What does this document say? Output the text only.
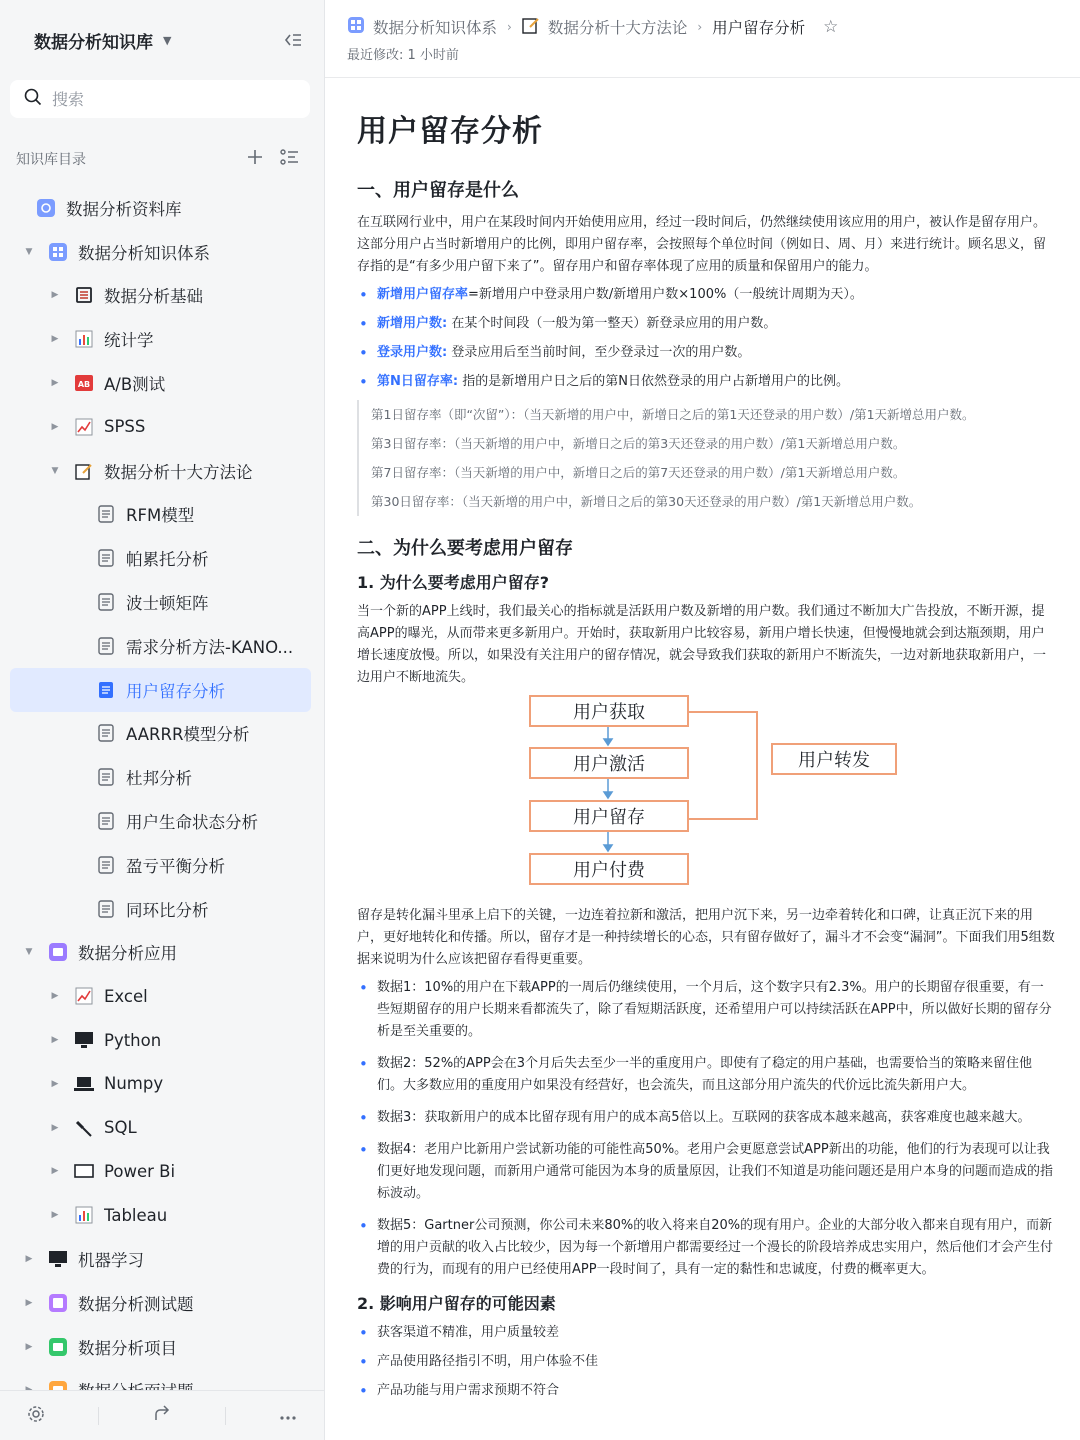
数据分析知识库 ▼
搜索
知识库目录
数据分析资料库
▼	数据分析知识体系
▶	数据分析基础
▶	统计学
▶	AB A/B测试
▶	SPSS
▼	数据分析十大方法论
RFM模型
帕累托分析
波士顿矩阵
需求分析方法-KANO...
用户留存分析
AARRR模型分析
杜邦分析
用户生命状态分析
盈亏平衡分析
同环比分析
▼	数据分析应用
▶	Excel
▶	Python
▶	Numpy
▶	SQL
▶	Power Bi
▶	Tableau
▶	机器学习
▶	数据分析测试题
▶	数据分析项目
数据分析知识体系 › 数据分析十大方法论 › 用户留存分析 ☆
最近修改: 1 小时前
用户留存分析
一、用户留存是什么

在互联网行业中，用户在某段时间内开始使用应用，经过一段时间后，仍然继续使用该应用的用户，被认作是留存用户。这部分用户占当时新增用户的比例，即用户留存率，会按照每个单位时间（例如日、周、月）来进行统计。顾名思义，留存指的是“有多少用户留下来了”。留存用户和留存率体现了应用的质量和保留用户的能力。

• 新增用户留存率=新增用户中登录用户数/新增用户数×100%（一般统计周期为天）。
• 新增用户数: 在某个时间段（一般为第一整天）新登录应用的用户数。
• 登录用户数: 登录应用后至当前时间，至少登录过一次的用户数。
• 第N日留存率: 指的是新增用户日之后的第N日依然登录的用户占新增用户的比例。

第1日留存率（即“次留”）：（当天新增的用户中，新增日之后的第1天还登录的用户数）/第1天新增总用户数。

第3日留存率：（当天新增的用户中，新增日之后的第3天还登录的用户数）/第1天新增总用户数。

第7日留存率：（当天新增的用户中，新增日之后的第7天还登录的用户数）/第1天新增总用户数。

第30日留存率：（当天新增的用户中，新增日之后的第30天还登录的用户数）/第1天新增总用户数。

二、为什么要考虑用户留存
1. 为什么要考虑用户留存?

当一个新的APP上线时，我们最关心的指标就是活跃用户数及新增的用户数。我们通过不断加大广告投放，不断开源，提高APP的曝光，从而带来更多新用户。开始时，获取新用户比较容易，新用户增长快速，但慢慢地就会到达瓶颈期，用户增长速度放慢。所以，如果没有关注用户的留存情况，就会导致我们获取的新用户不断流失，一边对新地获取新用户，一边用户不断地流失。

用户获取
用户激活
用户留存
用户付费
用户转发

留存是转化漏斗里承上启下的关键，一边连着拉新和激活，把用户沉下来，另一边牵着转化和口碑，让真正沉下来的用户，更好地转化和传播。所以，留存才是一种持续增长的心态，只有留存做好了，漏斗才不会变“漏洞”。下面我们用5组数据来说明为什么应该把留存看得更重要。

• 数据1：10%的用户在下载APP的一周后仍继续使用，一个月后，这个数字只有2.3%。用户的长期留存很重要，有一些短期留存的用户长期来看都流失了，除了看短期活跃度，还希望用户可以持续活跃在APP中，所以做好长期的留存分析是至关重要的。
• 数据2：52%的APP会在3个月后失去至少一半的重度用户。即使有了稳定的用户基础，也需要恰当的策略来留住他们。大多数应用的重度用户如果没有经营好，也会流失，而且这部分用户流失的代价远比流失新用户大。
• 数据3：获取新用户的成本比留存现有用户的成本高5倍以上。互联网的获客成本越来越高，获客难度也越来越大。
• 数据4：老用户比新用户尝试新功能的可能性高50%。老用户会更愿意尝试APP新出的功能，他们的行为表现可以让我们更好地发现问题，而新用户通常可能因为本身的质量原因，让我们不知道是功能问题还是用户本身的问题而造成的指标波动。
• 数据5：Gartner公司预测，你公司未来80%的收入将来自20%的现有用户。企业的大部分收入都来自现有用户，而新增的用户贡献的收入占比较少，因为每一个新增用户都需要经过一个漫长的阶段培养成忠实用户，然后他们才会产生付费的行为，而现有的用户已经使用APP一段时间了，具有一定的黏性和忠诚度，付费的概率更大。
2. 影响用户留存的可能因素
• 获客渠道不精准，用户质量较差
• 产品使用路径指引不明，用户体验不佳
• 产品功能与用户需求预期不符合
